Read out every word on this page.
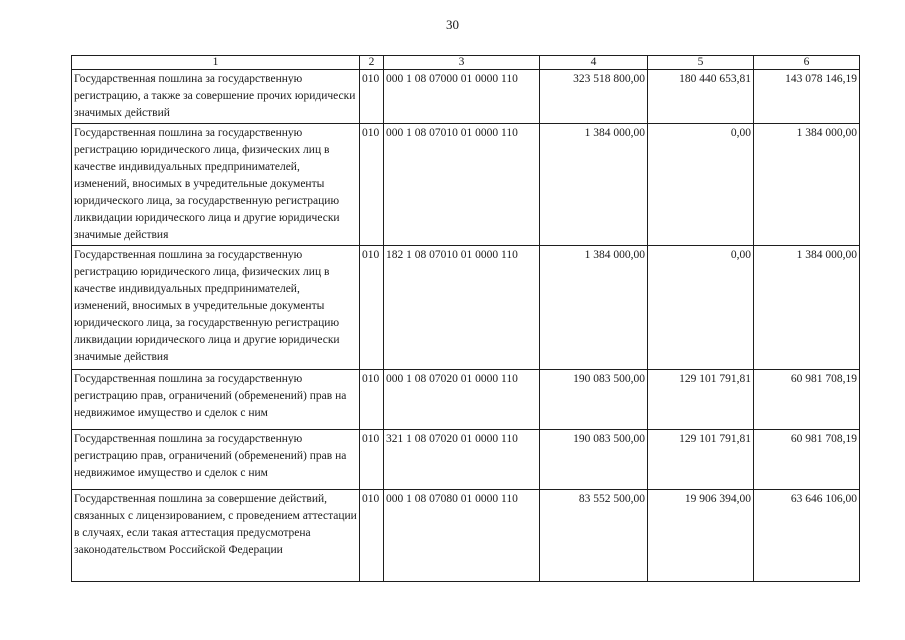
30
1	2	3	4	5	6
Государственная пошлина за государственную регистрацию, а также за совершение прочих юридически значимых действий	010	000 1 08 07000 01 0000 110	323 518 800,00	180 440 653,81	143 078 146,19
Государственная пошлина за государственную регистрацию юридического лица, физических лиц в качестве индивидуальных предпринимателей, изменений, вносимых в учредительные документы юридического лица, за государственную регистрацию ликвидации юридического лица и другие юридически значимые действия	010	000 1 08 07010 01 0000 110	1 384 000,00	0,00	1 384 000,00
Государственная пошлина за государственную регистрацию юридического лица, физических лиц в качестве индивидуальных предпринимателей, изменений, вносимых в учредительные документы юридического лица, за государственную регистрацию ликвидации юридического лица и другие юридически значимые действия	010	182 1 08 07010 01 0000 110	1 384 000,00	0,00	1 384 000,00
Государственная пошлина за государственную регистрацию прав, ограничений (обременений) прав на недвижимое имущество и сделок с ним	010	000 1 08 07020 01 0000 110	190 083 500,00	129 101 791,81	60 981 708,19
Государственная пошлина за государственную регистрацию прав, ограничений (обременений) прав на недвижимое имущество и сделок с ним	010	321 1 08 07020 01 0000 110	190 083 500,00	129 101 791,81	60 981 708,19
Государственная пошлина за совершение действий, связанных с лицензированием, с проведением аттестации в случаях, если такая аттестация предусмотрена законодательством Российской Федерации	010	000 1 08 07080 01 0000 110	83 552 500,00	19 906 394,00	63 646 106,00
